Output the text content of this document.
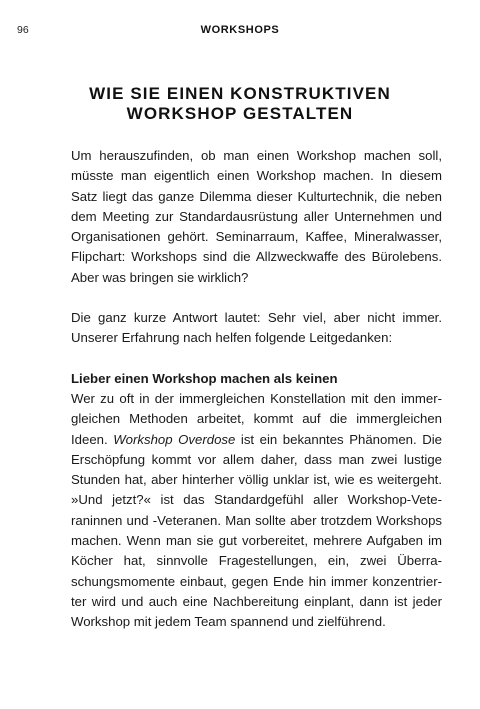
96	WORKSHOPS
WIE SIE EINEN KONSTRUKTIVEN
WORKSHOP GESTALTEN

Um herauszufinden, ob man einen Workshop machen soll, müsste man eigentlich einen Workshop machen. In diesem Satz liegt das ganze Dilemma dieser Kulturtechnik, die neben dem Meeting zur Standardausrüstung aller Unternehmen und Organisationen gehört. Seminarraum, Kaffee, Mineralwasser, Flipchart: Workshops sind die Allzweckwaffe des Bürolebens. Aber was bringen sie wirklich?

Die ganz kurze Antwort lautet: Sehr viel, aber nicht immer. Unserer Erfahrung nach helfen folgende Leitgedanken:

Lieber einen Workshop machen als keinen

Wer zu oft in der immergleichen Konstellation mit den immergleichen Methoden arbeitet, kommt auf die immergleichen Ideen. Workshop Overdose ist ein bekanntes Phänomen. Die Erschöpfung kommt vor allem daher, dass man zwei lustige Stunden hat, aber hinterher völlig unklar ist, wie es weitergeht. »Und jetzt?« ist das Standardgefühl aller Workshop-Veteraninnen und -Veteranen. Man sollte aber trotzdem Workshops machen. Wenn man sie gut vorbereitet, mehrere Aufgaben im Köcher hat, sinnvolle Fragestellungen, ein, zwei Überraschungsmomente einbaut, gegen Ende hin immer konzentrierter wird und auch eine Nachbereitung einplant, dann ist jeder Workshop mit jedem Team spannend und zielführend.
